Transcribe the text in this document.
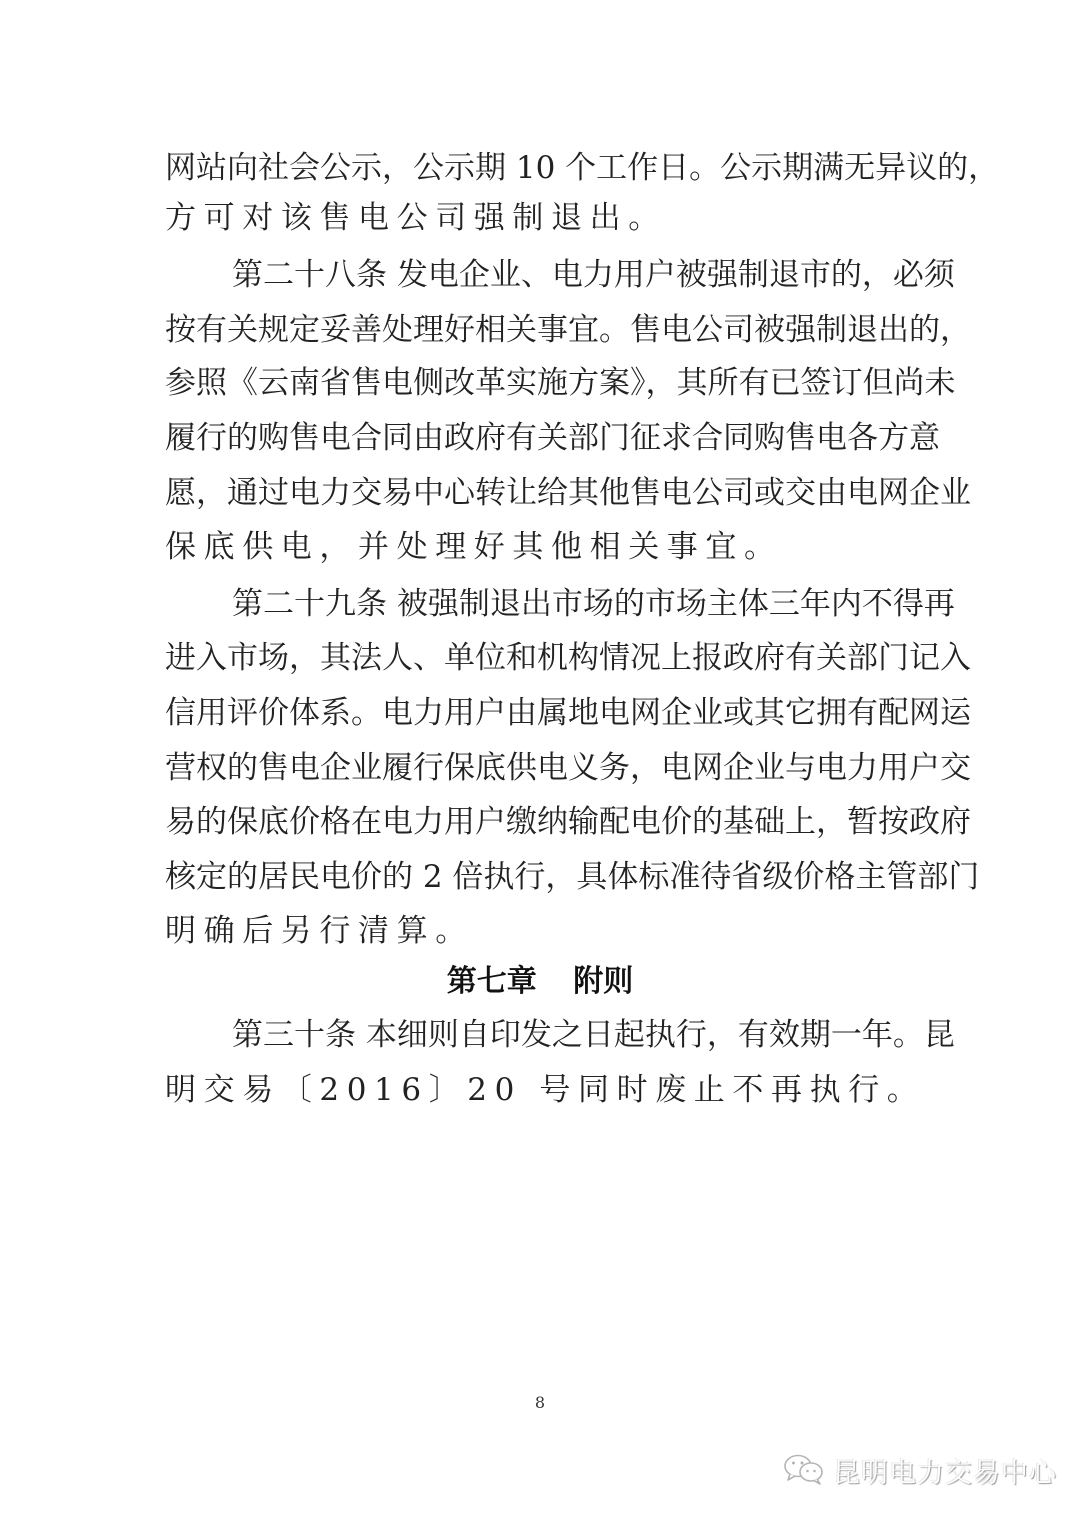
网站向社会公示，公示期 10 个工作日。公示期满无异议的，
方可对该售电公司强制退出。
第二十八条 发电企业、电力用户被强制退市的，必须
按有关规定妥善处理好相关事宜。售电公司被强制退出的，
参照《云南省售电侧改革实施方案》，其所有已签订但尚未
履行的购售电合同由政府有关部门征求合同购售电各方意
愿，通过电力交易中心转让给其他售电公司或交由电网企业
保底供电，并处理好其他相关事宜。
第二十九条 被强制退出市场的市场主体三年内不得再
进入市场，其法人、单位和机构情况上报政府有关部门记入
信用评价体系。电力用户由属地电网企业或其它拥有配网运
营权的售电企业履行保底供电义务，电网企业与电力用户交
易的保底价格在电力用户缴纳输配电价的基础上，暂按政府
核定的居民电价的 2 倍执行，具体标准待省级价格主管部门
明确后另行清算。
第七章 附则
第三十条 本细则自印发之日起执行，有效期一年。昆
明交易〔2016〕20 号同时废止不再执行。
8
昆明电力交易中心
